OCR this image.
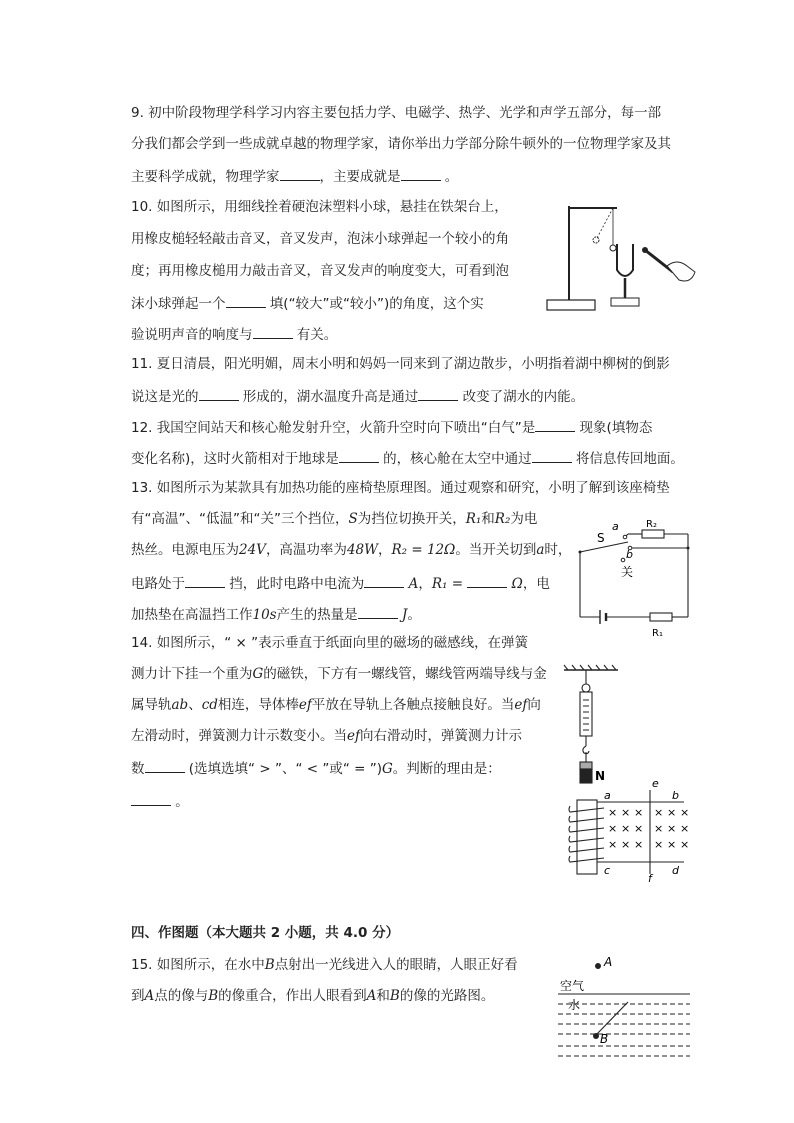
9. 初中阶段物理学科学习内容主要包括力学、电磁学、热学、光学和声学五部分，每一部
分我们都会学到一些成就卓越的物理学家，请你举出力学部分除牛顿外的一位物理学家及其
主要科学成就，物理学家	，主要成就是	。
10. 如图所示，用细线拴着硬泡沫塑料小球，悬挂在铁架台上，
用橡皮槌轻轻敲击音叉，音叉发声，泡沫小球弹起一个较小的角
度；再用橡皮槌用力敲击音叉，音叉发声的响度变大，可看到泡
沫小球弹起一个	填(“较大”或“较小”)的角度，这个实
验说明声音的响度与	有关。
11. 夏日清晨，阳光明媚，周末小明和妈妈一同来到了湖边散步，小明指着湖中柳树的倒影
说这是光的	形成的，湖水温度升高是通过	改变了湖水的内能。
12. 我国空间站天和核心舱发射升空，火箭升空时向下喷出“白气”是	现象(填物态
变化名称)，这时火箭相对于地球是	的，核心舱在太空中通过	将信息传回地面。
13. 如图所示为某款具有加热功能的座椅垫原理图。通过观察和研究，小明了解到该座椅垫
有“高温”、“低温”和“关”三个挡位，S为挡位切换开关，R₁和R₂为电
热丝。电源电压为24V，高温功率为48W，R₂ = 12Ω。当开关切到a时，
电路处于	挡，此时电路中电流为	A，R₁ =	Ω，电
加热垫在高温挡工作10s产生的热量是	J。
a
b
S
关
R₂
R₁
14. 如图所示，“ × ”表示垂直于纸面向里的磁场的磁感线，在弹簧
测力计下挂一个重为G的磁铁，下方有一螺线管，螺线管两端导线与金
属导轨ab、cd相连，导体棒ef平放在导轨上各触点接触良好。当ef向
左滑动时，弹簧测力计示数变小。当ef向右滑动时，弹簧测力计示
数	(选填选填“ > ”、“ < ”或“ = ”)G。判断的理由是：
。
N
a	b
c	d
e
f
× × × × × ×
× × × × × ×
× × × × × ×
四、作图题（本大题共 2 小题，共 4.0 分）
15. 如图所示，在水中B点射出一光线进入人的眼睛，人眼正好看
到A点的像与B的像重合，作出人眼看到A和B的像的光路图。
A
空气
水
B
